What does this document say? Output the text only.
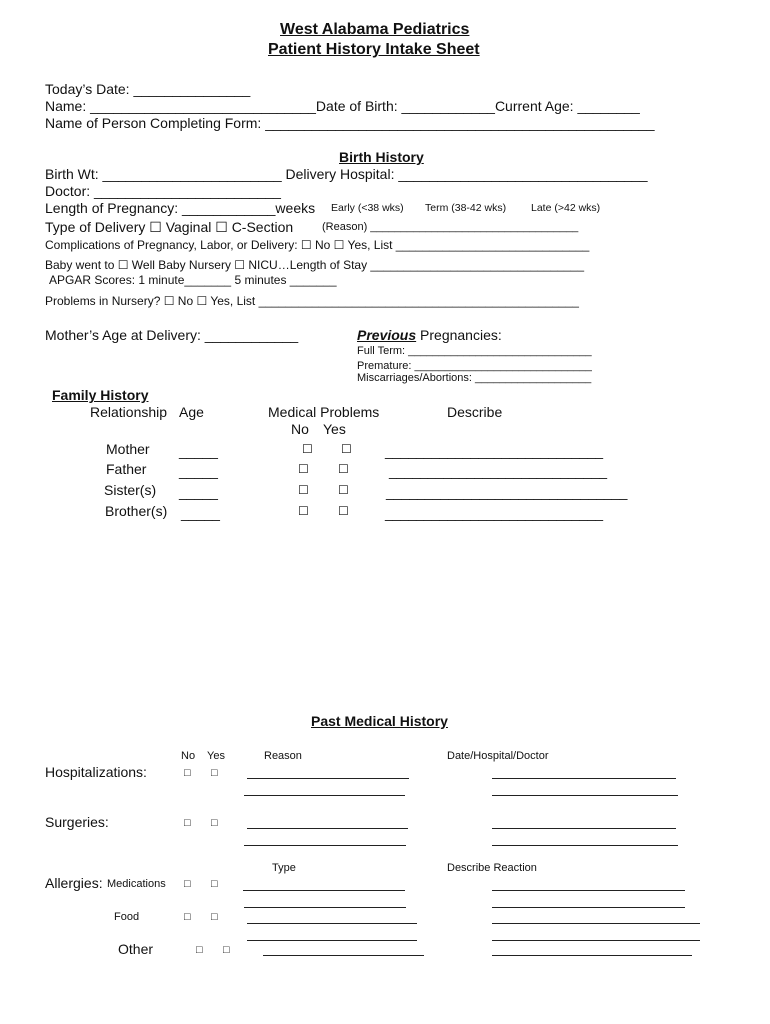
West Alabama Pediatrics
Patient History Intake Sheet
Today’s Date: _______________
Name: _____________________________Date of Birth: ____________Current Age: ________
Name of Person Completing Form: __________________________________________________
Birth History
Birth Wt: _______________________ Delivery Hospital: ________________________________
Doctor: ________________________
Length of Pregnancy: ____________weeks Early (<38 wks) Term (38-42 wks) Late (>42 wks)
Type of Delivery ☐ Vaginal ☐ C-Section	(Reason) __________________________________
Complications of Pregnancy, Labor, or Delivery: ☐ No ☐ Yes, List _____________________________
Baby went to ☐ Well Baby Nursery ☐ NICU…Length of Stay ________________________________
APGAR Scores: 1 minute_______ 5 minutes _______
Problems in Nursery? ☐ No ☐ Yes, List ________________________________________________
Mother’s Age at Delivery: ____________	Previous Pregnancies:
Full Term: ______________________________
Premature: _____________________________
Miscarriages/Abortions: ___________________
Family History
Relationship Age	Medical Problems
No Yes
Describe
Mother _____	☐ ☐ ____________________________
Father _____	☐ ☐	____________________________
Sister(s) _____	☐ ☐	_______________________________
Brother(s) _____	☐ ☐	____________________________
Past Medical History
No Yes	Reason	Date/Hospital/Doctor
Hospitalizations:	□ □
Surgeries:	□ □
Type	Describe Reaction
Allergies: Medications □ □
Food	□ □
Other	□ □
